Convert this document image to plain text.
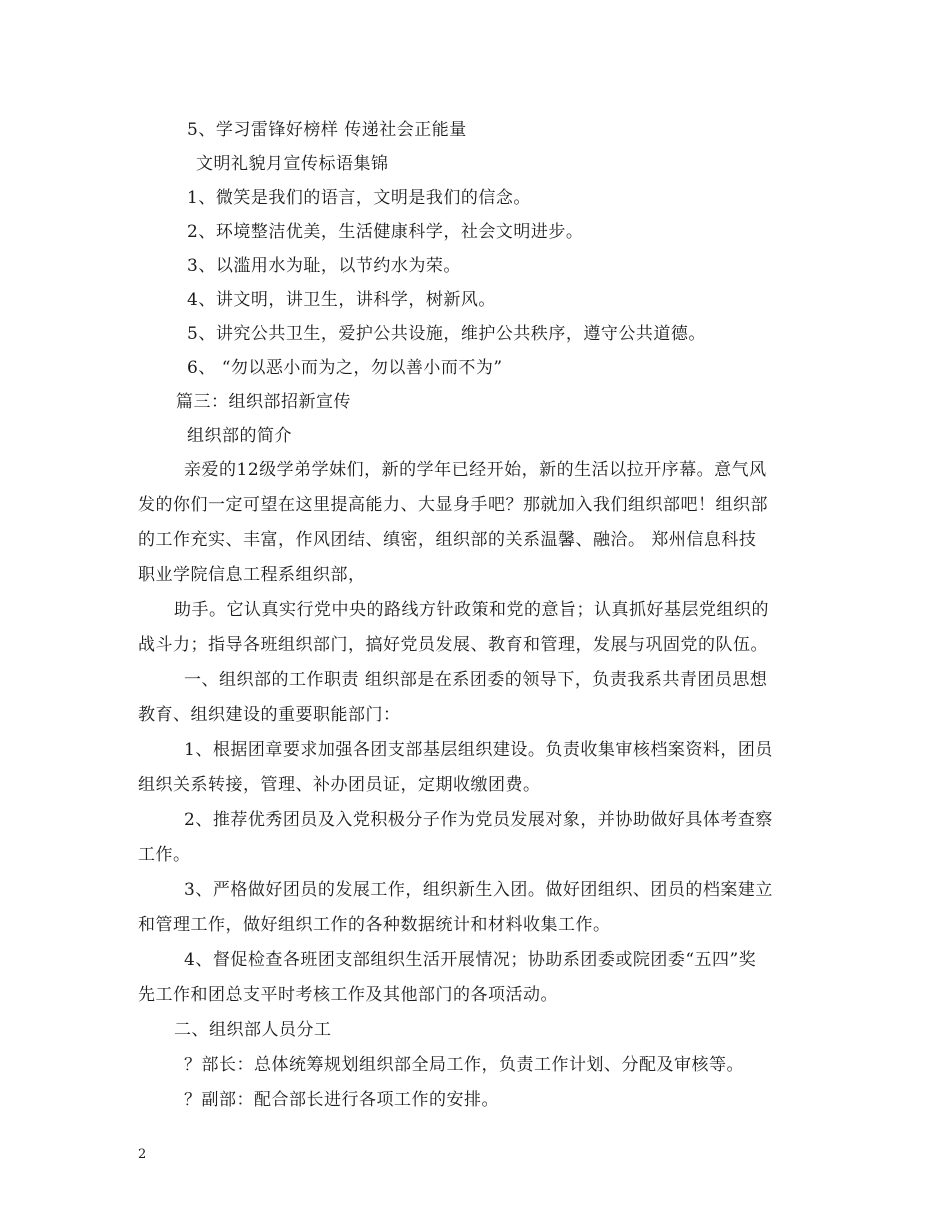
5、学习雷锋好榜样 传递社会正能量
文明礼貌月宣传标语集锦
1、微笑是我们的语言，文明是我们的信念。
2、环境整洁优美，生活健康科学，社会文明进步。
3、以滥用水为耻，以节约水为荣。
4、讲文明，讲卫生，讲科学，树新风。
5、讲究公共卫生，爱护公共设施，维护公共秩序，遵守公共道德。
6、 “勿以恶小而为之，勿以善小而不为”
篇三：组织部招新宣传
组织部的简介
亲爱的12级学弟学妹们，新的学年已经开始，新的生活以拉开序幕。意气风
发的你们一定可望在这里提高能力、大显身手吧？那就加入我们组织部吧！组织部
的工作充实、丰富，作风团结、缜密，组织部的关系温馨、融洽。 郑州信息科技
职业学院信息工程系组织部，
助手。它认真实行党中央的路线方针政策和党的意旨；认真抓好基层党组织的
战斗力；指导各班组织部门，搞好党员发展、教育和管理，发展与巩固党的队伍。
一、组织部的工作职责 组织部是在系团委的领导下，负责我系共青团员思想
教育、组织建设的重要职能部门：
1、根据团章要求加强各团支部基层组织建设。负责收集审核档案资料，团员
组织关系转接，管理、补办团员证，定期收缴团费。
2、推荐优秀团员及入党积极分子作为党员发展对象，并协助做好具体考查察
工作。
3、严格做好团员的发展工作，组织新生入团。做好团组织、团员的档案建立
和管理工作，做好组织工作的各种数据统计和材料收集工作。
4、督促检查各班团支部组织生活开展情况；协助系团委或院团委“五四”奖
先工作和团总支平时考核工作及其他部门的各项活动。
二、组织部人员分工
？部长：总体统筹规划组织部全局工作，负责工作计划、分配及审核等。
？副部：配合部长进行各项工作的安排。
2
